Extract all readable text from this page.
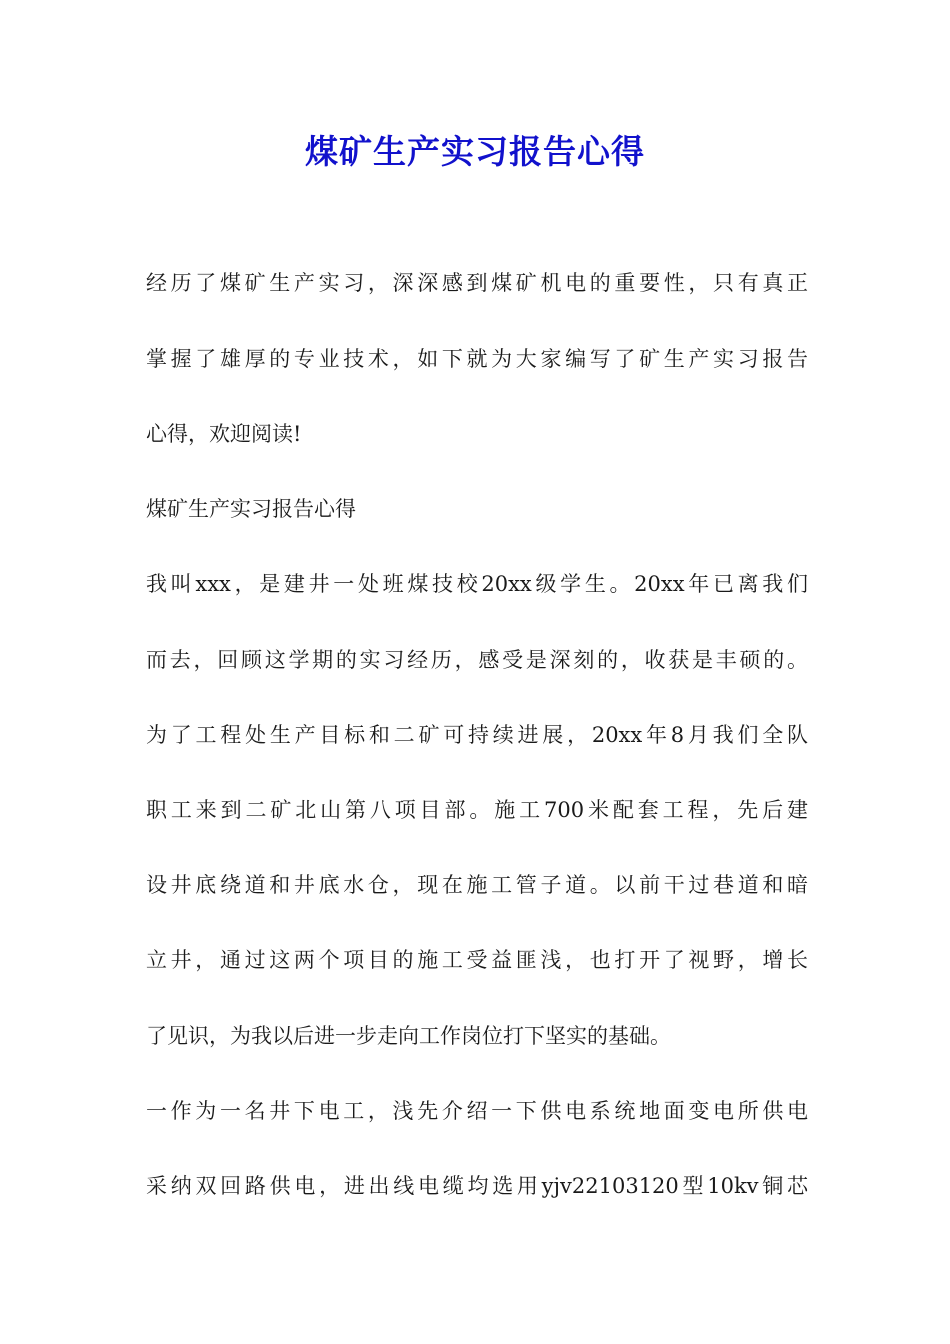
煤矿生产实习报告心得
经历了煤矿生产实习，深深感到煤矿机电的重要性，只有真正
掌握了雄厚的专业技术，如下就为大家编写了矿生产实习报告
心得，欢迎阅读!
煤矿生产实习报告心得
我叫xxx，是建井一处班煤技校20xx级学生。20xx年已离我们
而去，回顾这学期的实习经历，感受是深刻的，收获是丰硕的。
为了工程处生产目标和二矿可持续进展，20xx年8月我们全队
职工来到二矿北山第八项目部。施工700米配套工程，先后建
设井底绕道和井底水仓，现在施工管子道。以前干过巷道和暗
立井，通过这两个项目的施工受益匪浅，也打开了视野，增长
了见识，为我以后进一步走向工作岗位打下坚实的基础。
一作为一名井下电工，浅先介绍一下供电系统地面变电所供电
采纳双回路供电，进出线电缆均选用yjv22103120型10kv铜芯
